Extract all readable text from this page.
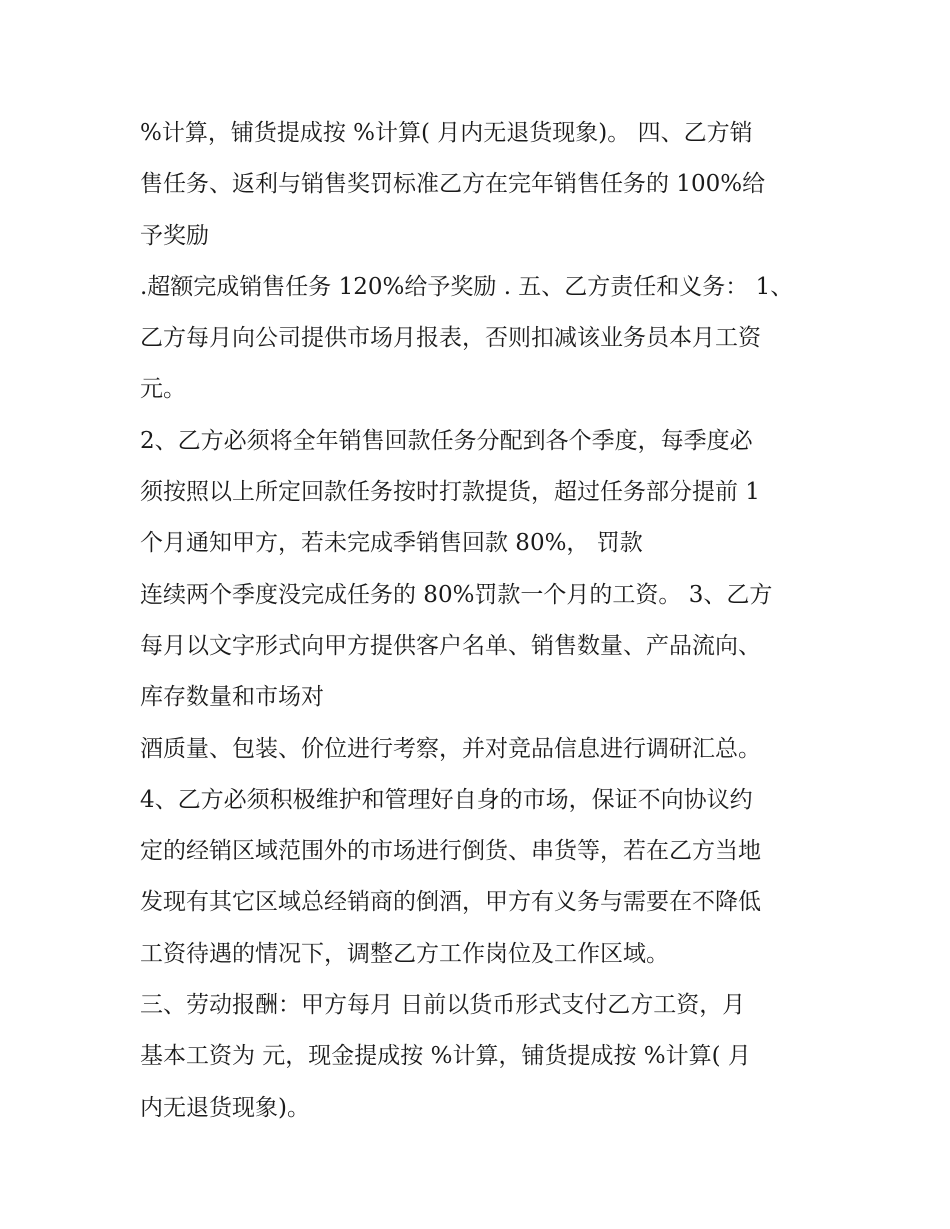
%计算，铺货提成按 %计算( 月内无退货现象)。 四、乙方销
售任务、返利与销售奖罚标准乙方在完年销售任务的 100%给
予奖励
.超额完成销售任务 120%给予奖励 . 五、乙方责任和义务： 1、
乙方每月向公司提供市场月报表，否则扣减该业务员本月工资
元。
2、乙方必须将全年销售回款任务分配到各个季度，每季度必
须按照以上所定回款任务按时打款提货，超过任务部分提前 1
个月通知甲方，若未完成季销售回款 80%， 罚款
连续两个季度没完成任务的 80%罚款一个月的工资。 3、乙方
每月以文字形式向甲方提供客户名单、销售数量、产品流向、
库存数量和市场对
酒质量、包装、价位进行考察，并对竞品信息进行调研汇总。
4、乙方必须积极维护和管理好自身的市场，保证不向协议约
定的经销区域范围外的市场进行倒货、串货等，若在乙方当地
发现有其它区域总经销商的倒酒，甲方有义务与需要在不降低
工资待遇的情况下，调整乙方工作岗位及工作区域。
三、劳动报酬：甲方每月 日前以货币形式支付乙方工资，月
基本工资为 元，现金提成按 %计算，铺货提成按 %计算( 月
内无退货现象)。
